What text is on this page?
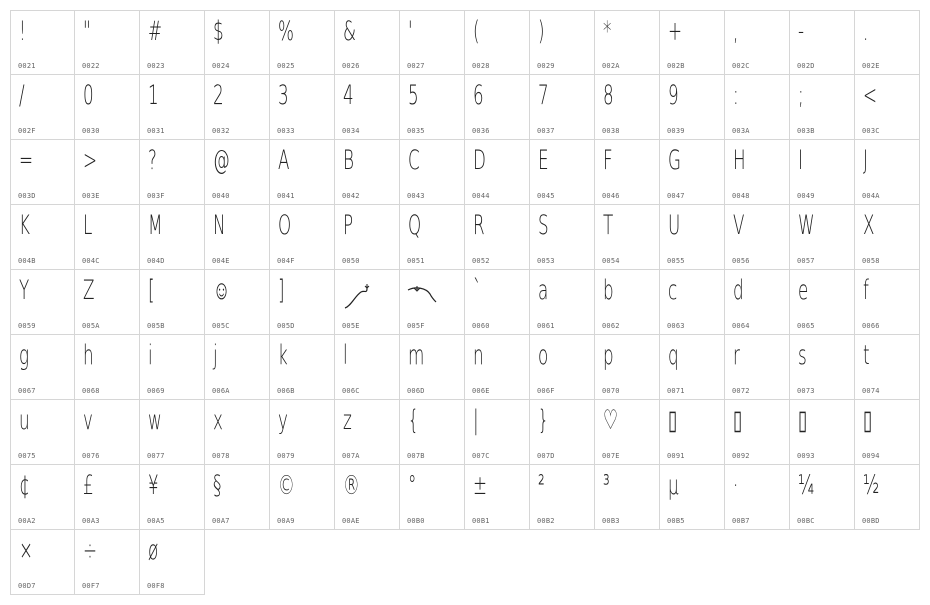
!
0021
"
0022
#
0023
$
0024
%
0025
&
0026
'
0027
(
0028
)
0029
*
002A
+
002B
,
002C
-
002D
.
002E
/
002F
0
0030
1
0031
2
0032
3
0033
4
0034
5
0035
6
0036
7
0037
8
0038
9
0039
:
003A
;
003B
<
003C
=
003D
>
003E
?
003F
@
0040
A
0041
B
0042
C
0043
D
0044
E
0045
F
0046
G
0047
H
0048
I
0049
J
004A
K
004B
L
004C
M
004D
N
004E
O
004F
P
0050
Q
0051
R
0052
S
0053
T
0054
U
0055
V
0056
W
0057
X
0058
Y
0059
Z
005A
[
005B
☺
005C
]
005D	005E	005F
`
0060
a
0061
b
0062
c
0063
d
0064
e
0065
f
0066
g
0067
h
0068
i
0069
j
006A
k
006B
l
006C
m
006D
n
006E
o
006F
p
0070
q
0071
r
0072
s
0073
t
0074
u
0075
v
0076
w
0077
x
0078
y
0079
z
007A
{
007B
|
007C
}
007D
♡
007E
▯
0091
▯
0092
▯
0093
▯
0094
¢
00A2
£
00A3
¥
00A5
§
00A7
©
00A9
®
00AE
°
00B0
±
00B1
²
00B2
³
00B3
µ
00B5
·
00B7
¼
00BC
½
00BD
×
00D7
÷
00F7
ø
00F8
